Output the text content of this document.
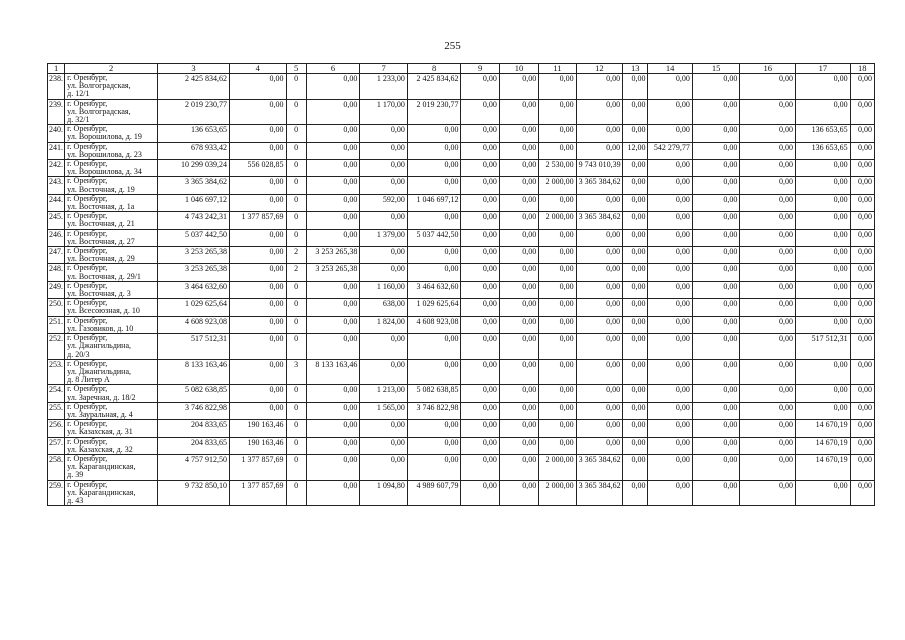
255
1	2	3	4	5	6	7	8	9	10	11	12	13	14	15	16	17	18
238.	г. Оренбург,
ул. Волгоградская,
д. 12/1	2 425 834,62	0,00	0	0,00	1 233,00	2 425 834,62	0,00	0,00	0,00	0,00	0,00	0,00	0,00	0,00	0,00	0,00
239.	г. Оренбург,
ул. Волгоградская,
д. 32/1	2 019 230,77	0,00	0	0,00	1 170,00	2 019 230,77	0,00	0,00	0,00	0,00	0,00	0,00	0,00	0,00	0,00	0,00
240.	г. Оренбург,
ул. Ворошилова, д. 19	136 653,65	0,00	0	0,00	0,00	0,00	0,00	0,00	0,00	0,00	0,00	0,00	0,00	0,00	136 653,65	0,00
241.	г. Оренбург,
ул. Ворошилова, д. 23	678 933,42	0,00	0	0,00	0,00	0,00	0,00	0,00	0,00	0,00	12,00	542 279,77	0,00	0,00	136 653,65	0,00
242.	г. Оренбург,
ул. Ворошилова, д. 34	10 299 039,24	556 028,85	0	0,00	0,00	0,00	0,00	0,00	2 530,00	9 743 010,39	0,00	0,00	0,00	0,00	0,00	0,00
243.	г. Оренбург,
ул. Восточная, д. 19	3 365 384,62	0,00	0	0,00	0,00	0,00	0,00	0,00	2 000,00	3 365 384,62	0,00	0,00	0,00	0,00	0,00	0,00
244.	г. Оренбург,
ул. Восточная, д. 1а	1 046 697,12	0,00	0	0,00	592,00	1 046 697,12	0,00	0,00	0,00	0,00	0,00	0,00	0,00	0,00	0,00	0,00
245.	г. Оренбург,
ул. Восточная, д. 21	4 743 242,31	1 377 857,69	0	0,00	0,00	0,00	0,00	0,00	2 000,00	3 365 384,62	0,00	0,00	0,00	0,00	0,00	0,00
246.	г. Оренбург,
ул. Восточная, д. 27	5 037 442,50	0,00	0	0,00	1 379,00	5 037 442,50	0,00	0,00	0,00	0,00	0,00	0,00	0,00	0,00	0,00	0,00
247.	г. Оренбург,
ул. Восточная, д. 29	3 253 265,38	0,00	2	3 253 265,38	0,00	0,00	0,00	0,00	0,00	0,00	0,00	0,00	0,00	0,00	0,00	0,00
248.	г. Оренбург,
ул. Восточная, д. 29/1	3 253 265,38	0,00	2	3 253 265,38	0,00	0,00	0,00	0,00	0,00	0,00	0,00	0,00	0,00	0,00	0,00	0,00
249.	г. Оренбург,
ул. Восточная, д. 3	3 464 632,60	0,00	0	0,00	1 160,00	3 464 632,60	0,00	0,00	0,00	0,00	0,00	0,00	0,00	0,00	0,00	0,00
250.	г. Оренбург,
ул. Всесоюзная, д. 10	1 029 625,64	0,00	0	0,00	638,00	1 029 625,64	0,00	0,00	0,00	0,00	0,00	0,00	0,00	0,00	0,00	0,00
251.	г. Оренбург,
ул. Газовиков, д. 10	4 608 923,08	0,00	0	0,00	1 824,00	4 608 923,08	0,00	0,00	0,00	0,00	0,00	0,00	0,00	0,00	0,00	0,00
252.	г. Оренбург,
ул. Джангильдина,
д. 20/3	517 512,31	0,00	0	0,00	0,00	0,00	0,00	0,00	0,00	0,00	0,00	0,00	0,00	0,00	517 512,31	0,00
253.	г. Оренбург,
ул. Джангильдина,
д. 8 Литер А	8 133 163,46	0,00	3	8 133 163,46	0,00	0,00	0,00	0,00	0,00	0,00	0,00	0,00	0,00	0,00	0,00	0,00
254.	г. Оренбург,
ул. Заречная, д. 18/2	5 082 638,85	0,00	0	0,00	1 213,00	5 082 638,85	0,00	0,00	0,00	0,00	0,00	0,00	0,00	0,00	0,00	0,00
255.	г. Оренбург,
ул. Зауральная, д. 4	3 746 822,98	0,00	0	0,00	1 565,00	3 746 822,98	0,00	0,00	0,00	0,00	0,00	0,00	0,00	0,00	0,00	0,00
256.	г. Оренбург,
ул. Казахская, д. 31	204 833,65	190 163,46	0	0,00	0,00	0,00	0,00	0,00	0,00	0,00	0,00	0,00	0,00	0,00	14 670,19	0,00
257.	г. Оренбург,
ул. Казахская, д. 32	204 833,65	190 163,46	0	0,00	0,00	0,00	0,00	0,00	0,00	0,00	0,00	0,00	0,00	0,00	14 670,19	0,00
258.	г. Оренбург,
ул. Карагандинская,
д. 39	4 757 912,50	1 377 857,69	0	0,00	0,00	0,00	0,00	0,00	2 000,00	3 365 384,62	0,00	0,00	0,00	0,00	14 670,19	0,00
259.	г. Оренбург,
ул. Карагандинская,
д. 43	9 732 850,10	1 377 857,69	0	0,00	1 094,80	4 989 607,79	0,00	0,00	2 000,00	3 365 384,62	0,00	0,00	0,00	0,00	0,00	0,00
